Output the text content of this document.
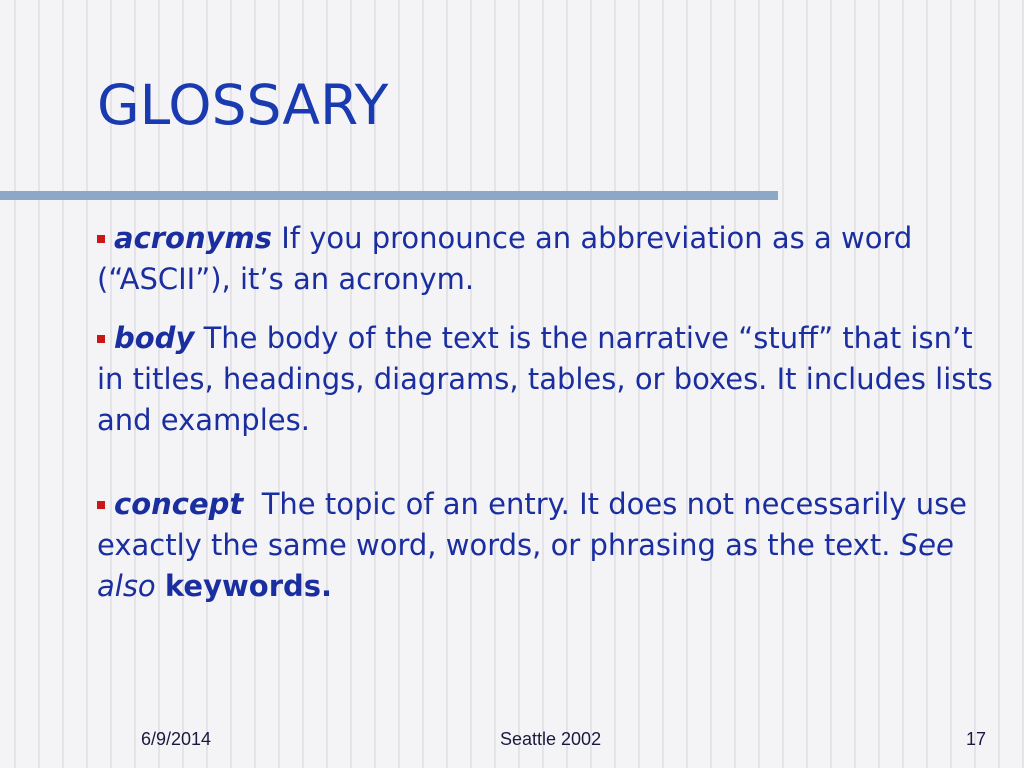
GLOSSARY

acronyms If you pronounce an abbreviation as a word (“ASCII”), it’s an acronym.

body The body of the text is the narrative “stuff” that isn’t in titles, headings, diagrams, tables, or boxes. It includes lists and examples.

concept The topic of an entry. It does not necessarily use exactly the same word, words, or phrasing as the text. See also keywords.

6/9/2014	Seattle 2002	17
